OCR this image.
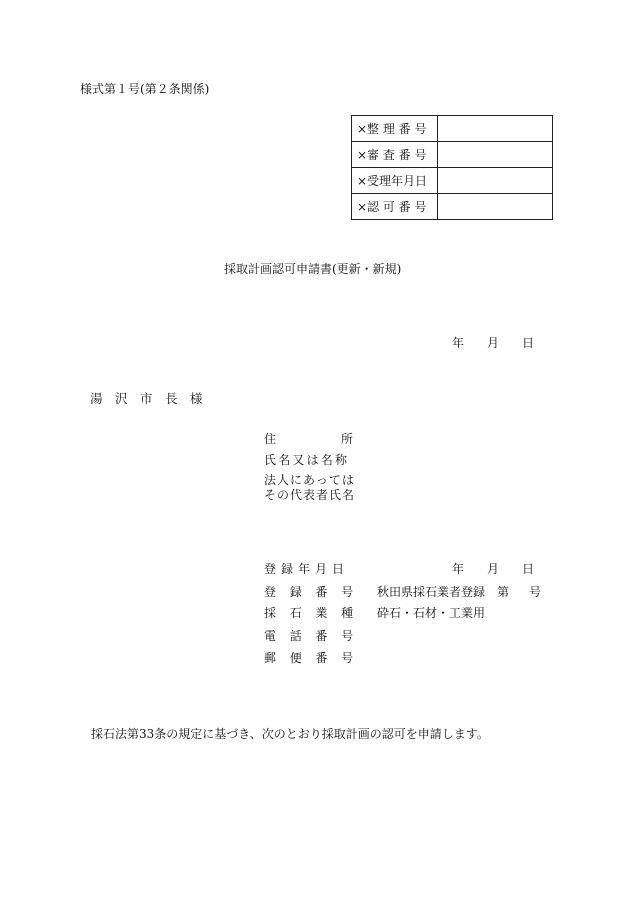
様式第１号(第２条関係)
×整 理 番 号	
×審 査 番 号	
×受理年月日	
×認 可 番 号	
採取計画認可申請書(更新・新規)
年 月 日
湯　沢　市　長　様
住	所
氏名又は名称
法人にあっては
その代表者氏名
登録年月日	年 月 日
登録番号 秋田県採石業者登録　第 号
採石業種 砕石・石材・工業用
電話番号
郵便番号
採石法第33条の規定に基づき、次のとおり採取計画の認可を申請します。
